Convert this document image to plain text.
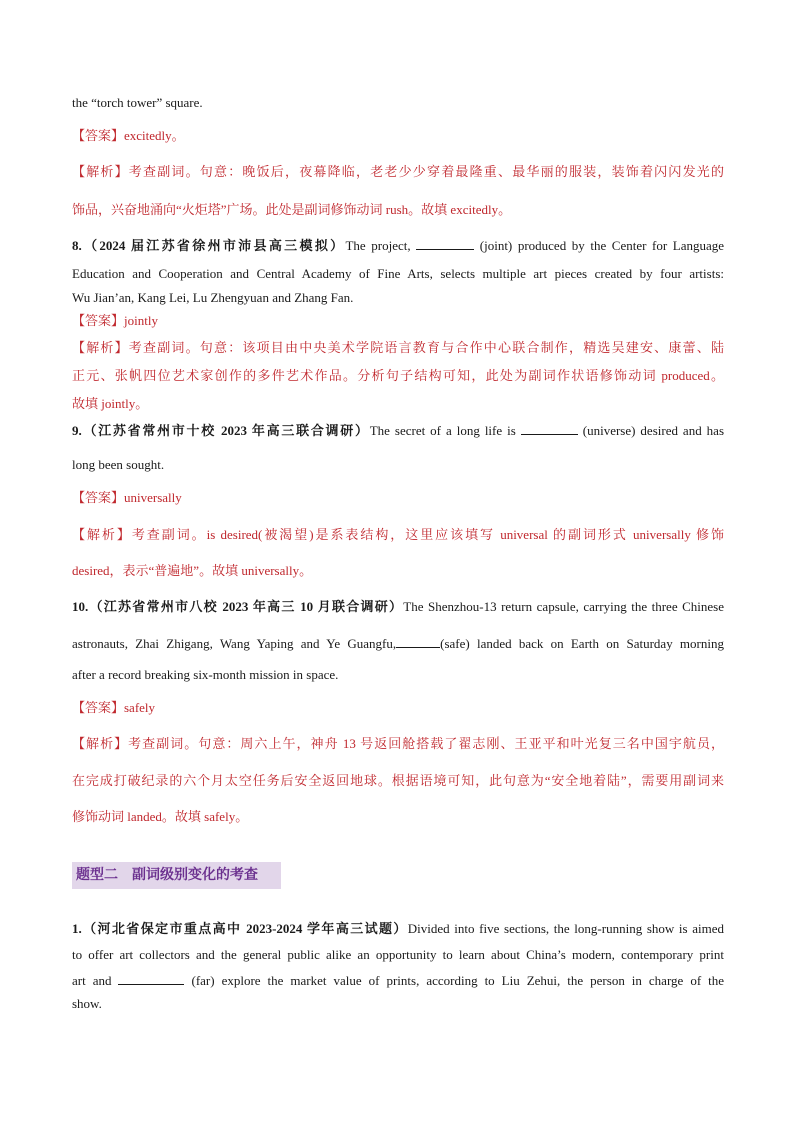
the “torch tower” square.
【答案】excitedly。
【解析】考查副词。句意：晚饭后，夜幕降临，老老少少穿着最隆重、最华丽的服装，装饰着闪闪发光的
饰品，兴奋地涌向“火炬塔”广场。此处是副词修饰动词 rush。故填 excitedly。
8.（2024 届江苏省徐州市沛县高三模拟）The project,	(joint) produced by the Center for Language
Education and Cooperation and Central Academy of Fine Arts, selects multiple art pieces created by four artists:
Wu Jian’an, Kang Lei, Lu Zhengyuan and Zhang Fan.
【答案】jointly
【解析】考查副词。句意：该项目由中央美术学院语言教育与合作中心联合制作，精选吴建安、康蕾、陆
正元、张帆四位艺术家创作的多件艺术作品。分析句子结构可知，此处为副词作状语修饰动词 produced。
故填 jointly。
9.（江苏省常州市十校 2023 年高三联合调研）The secret of a long life is	(universe) desired and has
long been sought.
【答案】universally
【解析】考查副词。is desired(被渴望)是系表结构，这里应该填写 universal 的副词形式 universally 修饰
desired，表示“普遍地”。故填 universally。
10.（江苏省常州市八校 2023 年高三 10 月联合调研）The Shenzhou-13 return capsule, carrying the three Chinese
astronauts, Zhai Zhigang, Wang Yaping and Ye Guangfu,	(safe) landed back on Earth on Saturday morning
after a record breaking six-month mission in space.
【答案】safely
【解析】考查副词。句意：周六上午，神舟 13 号返回舱搭载了翟志刚、王亚平和叶光复三名中国宇航员，
在完成打破纪录的六个月太空任务后安全返回地球。根据语境可知，此句意为“安全地着陆”，需要用副词来
修饰动词 landed。故填 safely。
题型二　副词级别变化的考查
1.（河北省保定市重点高中 2023-2024 学年高三试题）Divided into five sections, the long-running show is aimed
to offer art collectors and the general public alike an opportunity to learn about China’s modern, contemporary print
art and	(far) explore the market value of prints, according to Liu Zehui, the person in charge of the
show.
